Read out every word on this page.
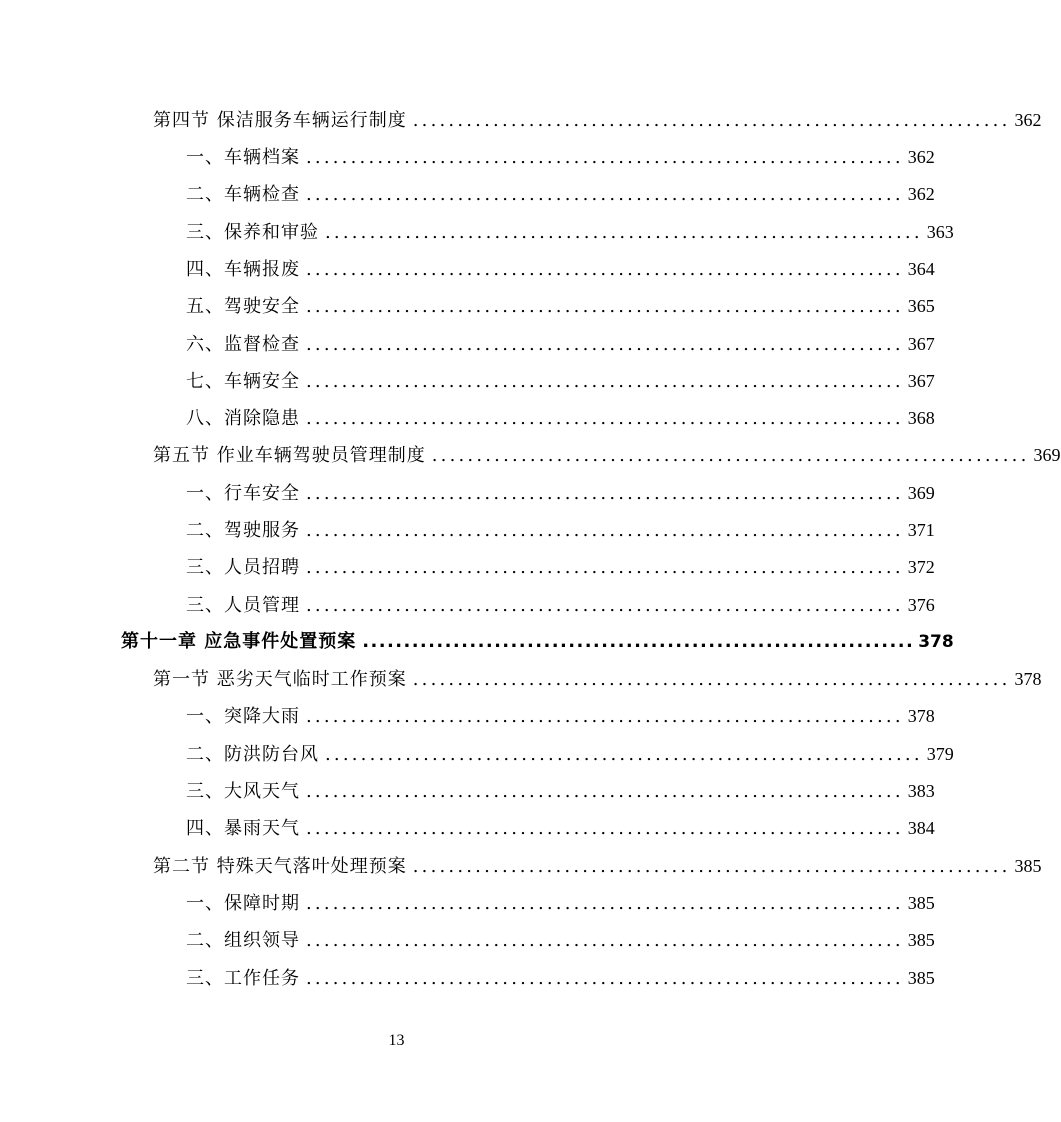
第四节 保洁服务车辆运行制度 ................................................................... 362
一、车辆档案 ................................................................... 362
二、车辆检查 ................................................................... 362
三、保养和审验 ................................................................... 363
四、车辆报废 ................................................................... 364
五、驾驶安全 ................................................................... 365
六、监督检查 ................................................................... 367
七、车辆安全 ................................................................... 367
八、消除隐患 ................................................................... 368
第五节 作业车辆驾驶员管理制度 ................................................................... 369
一、行车安全 ................................................................... 369
二、驾驶服务 ................................................................... 371
三、人员招聘 ................................................................... 372
三、人员管理 ................................................................... 376
第十一章 应急事件处置预案 ................................................................... 378
第一节 恶劣天气临时工作预案 ................................................................... 378
一、突降大雨 ................................................................... 378
二、防洪防台风 ................................................................... 379
三、大风天气 ................................................................... 383
四、暴雨天气 ................................................................... 384
第二节 特殊天气落叶处理预案 ................................................................... 385
一、保障时期 ................................................................... 385
二、组织领导 ................................................................... 385
三、工作任务 ................................................................... 385
13
